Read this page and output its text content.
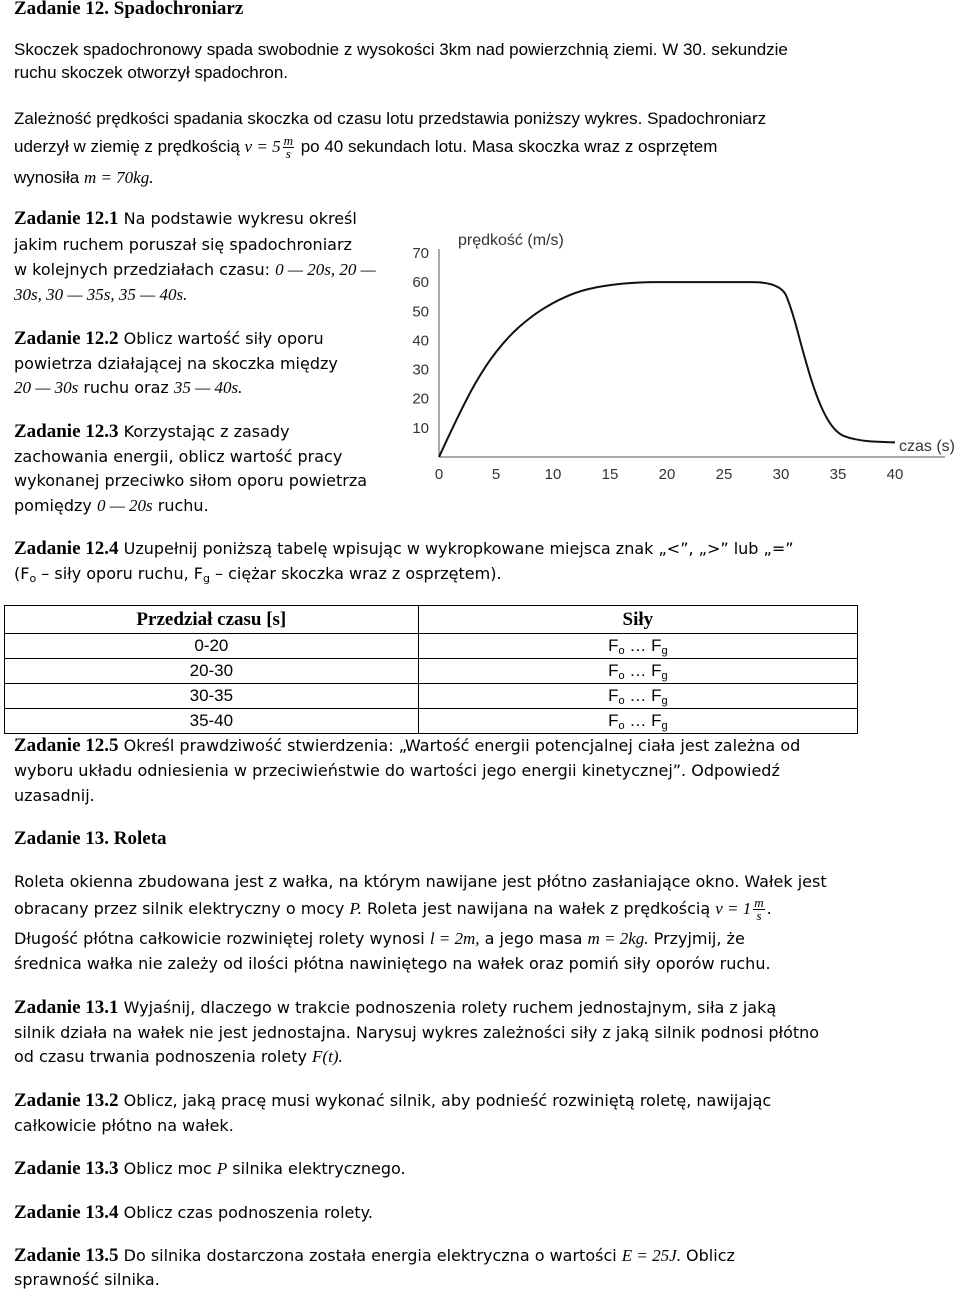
Zadanie 12. Spadochroniarz
Skoczek spadochronowy spada swobodnie z wysokości 3km nad powierzchnią ziemi. W 30. sekundzie
ruchu skoczek otworzył spadochron.
Zależność prędkości spadania skoczka od czasu lotu przedstawia poniższy wykres. Spadochroniarz
uderzył w ziemię z prędkością $v = 5 \frac{m}{s}$ po 40 sekundach lotu. Masa skoczka wraz z osprzętem
wynosiła m = 70kg.
Zadanie 12.1 Na podstawie wykresu określ
jakim ruchem poruszał się spadochroniarz
w kolejnych przedziałach czasu: 0 — 20s, 20 —
30s, 30 — 35s, 35 — 40s.
Zadanie 12.2 Oblicz wartość siły oporu
powietrza działającej na skoczka między
20 — 30s ruchu oraz 35 — 40s.
Zadanie 12.3 Korzystając z zasady
zachowania energii, oblicz wartość pracy
wykonanej przeciwko siłom oporu powietrza
pomiędzy 0 — 20s ruchu.
prędkość (m/s)
czas (s)
10
20
30
40
50
60
70
0	5	10	15	20	25	30	35	40
Zadanie 12.4 Uzupełnij poniższą tabelę wpisując w wykropkowane miejsca znak „<”, „>” lub „=”
($F_o$ – siły oporu ruchu, $F_g$ – ciężar skoczka wraz z osprzętem).
Przedział czasu [s]	Siły
0-20	$F_o$ … $F_g$
20-30	$F_o$ … $F_g$
30-35	$F_o$ … $F_g$
35-40	$F_o$ … $F_g$
Zadanie 12.5 Określ prawdziwość stwierdzenia: „Wartość energii potencjalnej ciała jest zależna od
wyboru układu odniesienia w przeciwieństwie do wartości jego energii kinetycznej”. Odpowiedź
uzasadnij.
Zadanie 13. Roleta
Roleta okienna zbudowana jest z wałka, na którym nawijane jest płótno zasłaniające okno. Wałek jest
obracany przez silnik elektryczny o mocy P. Roleta jest nawijana na wałek z prędkością $v = 1 \frac{m}{s}$ .
Długość płótna całkowicie rozwiniętej rolety wynosi l = 2m, a jego masa m = 2kg. Przyjmij, że
średnica wałka nie zależy od ilości płótna nawiniętego na wałek oraz pomiń siły oporów ruchu.
Zadanie 13.1 Wyjaśnij, dlaczego w trakcie podnoszenia rolety ruchem jednostajnym, siła z jaką
silnik działa na wałek nie jest jednostajna. Narysuj wykres zależności siły z jaką silnik podnosi płótno
od czasu trwania podnoszenia rolety F(t).
Zadanie 13.2 Oblicz, jaką pracę musi wykonać silnik, aby podnieść rozwiniętą roletę, nawijając
całkowicie płótno na wałek.
Zadanie 13.3 Oblicz moc P silnika elektrycznego.
Zadanie 13.4 Oblicz czas podnoszenia rolety.
Zadanie 13.5 Do silnika dostarczona została energia elektryczna o wartości E = 25J. Oblicz
sprawność silnika.
